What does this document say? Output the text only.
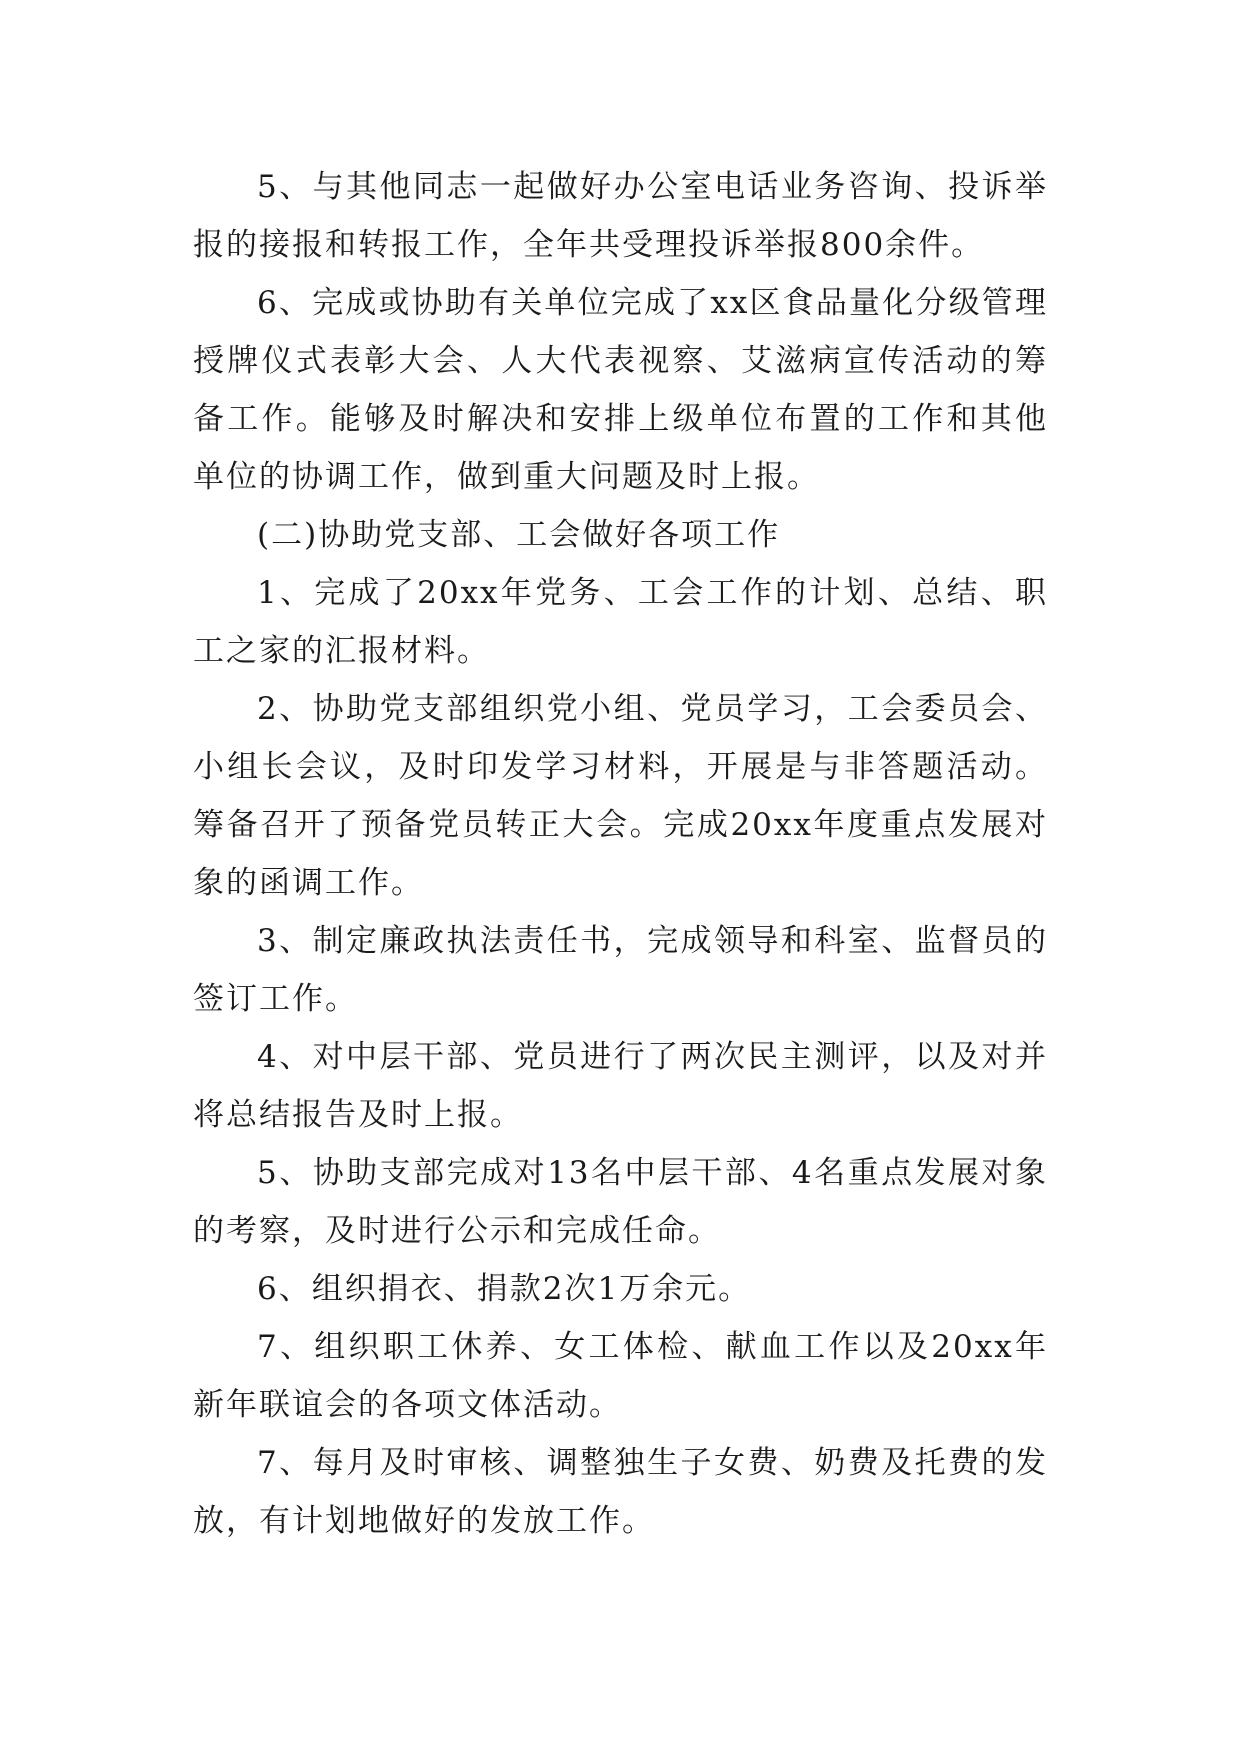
5、与其他同志一起做好办公室电话业务咨询、投诉举报的接报和转报工作，全年共受理投诉举报800余件。

6、完成或协助有关单位完成了xx区食品量化分级管理授牌仪式表彰大会、人大代表视察、艾滋病宣传活动的筹备工作。能够及时解决和安排上级单位布置的工作和其他单位的协调工作，做到重大问题及时上报。

(二)协助党支部、工会做好各项工作

1、完成了20xx年党务、工会工作的计划、总结、职工之家的汇报材料。

2、协助党支部组织党小组、党员学习，工会委员会、小组长会议，及时印发学习材料，开展是与非答题活动。筹备召开了预备党员转正大会。完成20xx年度重点发展对象的函调工作。

3、制定廉政执法责任书，完成领导和科室、监督员的签订工作。

4、对中层干部、党员进行了两次民主测评，以及对并将总结报告及时上报。

5、协助支部完成对13名中层干部、4名重点发展对象的考察，及时进行公示和完成任命。

6、组织捐衣、捐款2次1万余元。

7、组织职工休养、女工体检、献血工作以及20xx年新年联谊会的各项文体活动。

7、每月及时审核、调整独生子女费、奶费及托费的发放，有计划地做好的发放工作。
